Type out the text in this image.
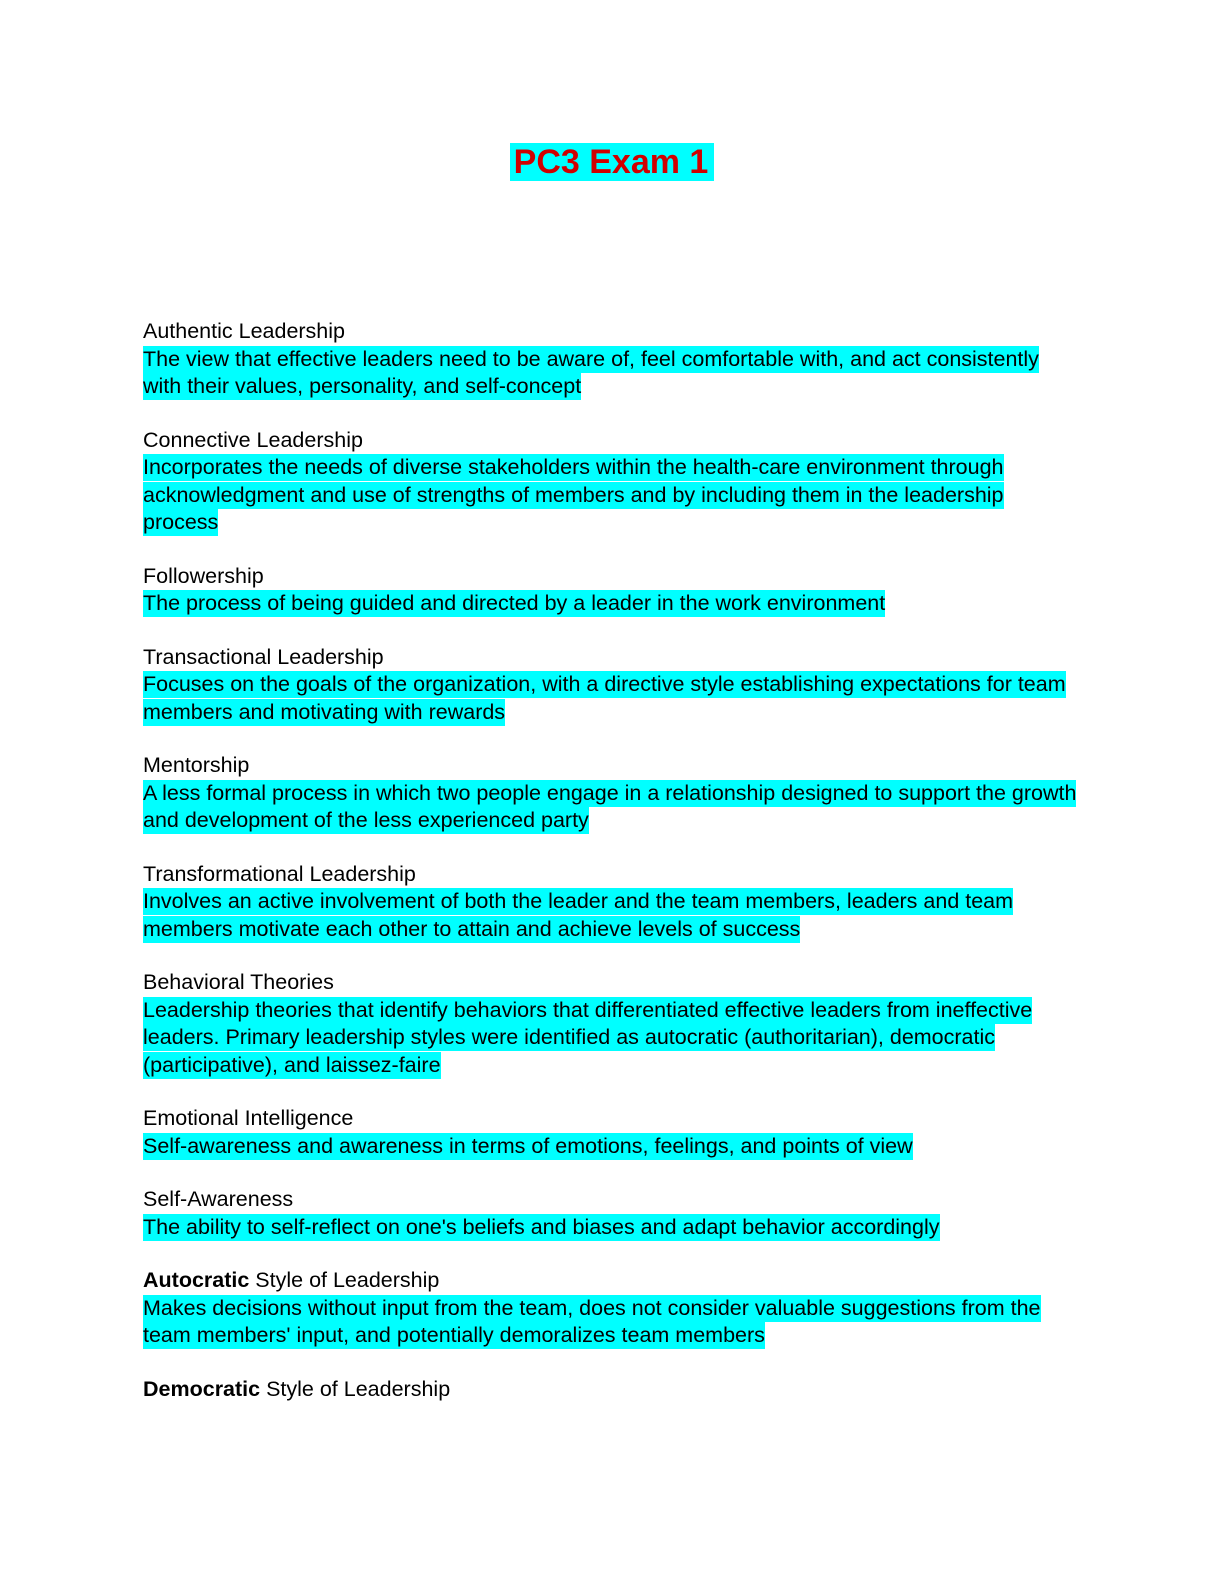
PC3 Exam 1
Authentic Leadership
The view that effective leaders need to be aware of, feel comfortable with, and act consistently with their values, personality, and self-concept
Connective Leadership
Incorporates the needs of diverse stakeholders within the health-care environment through acknowledgment and use of strengths of members and by including them in the leadership process
Followership
The process of being guided and directed by a leader in the work environment
Transactional Leadership
Focuses on the goals of the organization, with a directive style establishing expectations for team members and motivating with rewards
Mentorship
A less formal process in which two people engage in a relationship designed to support the growth and development of the less experienced party
Transformational Leadership
Involves an active involvement of both the leader and the team members, leaders and team members motivate each other to attain and achieve levels of success
Behavioral Theories
Leadership theories that identify behaviors that differentiated effective leaders from ineffective leaders. Primary leadership styles were identified as autocratic (authoritarian), democratic (participative), and laissez-faire
Emotional Intelligence
Self-awareness and awareness in terms of emotions, feelings, and points of view
Self-Awareness
The ability to self-reflect on one's beliefs and biases and adapt behavior accordingly
Autocratic Style of Leadership
Makes decisions without input from the team, does not consider valuable suggestions from the team members' input, and potentially demoralizes team members
Democratic Style of Leadership
